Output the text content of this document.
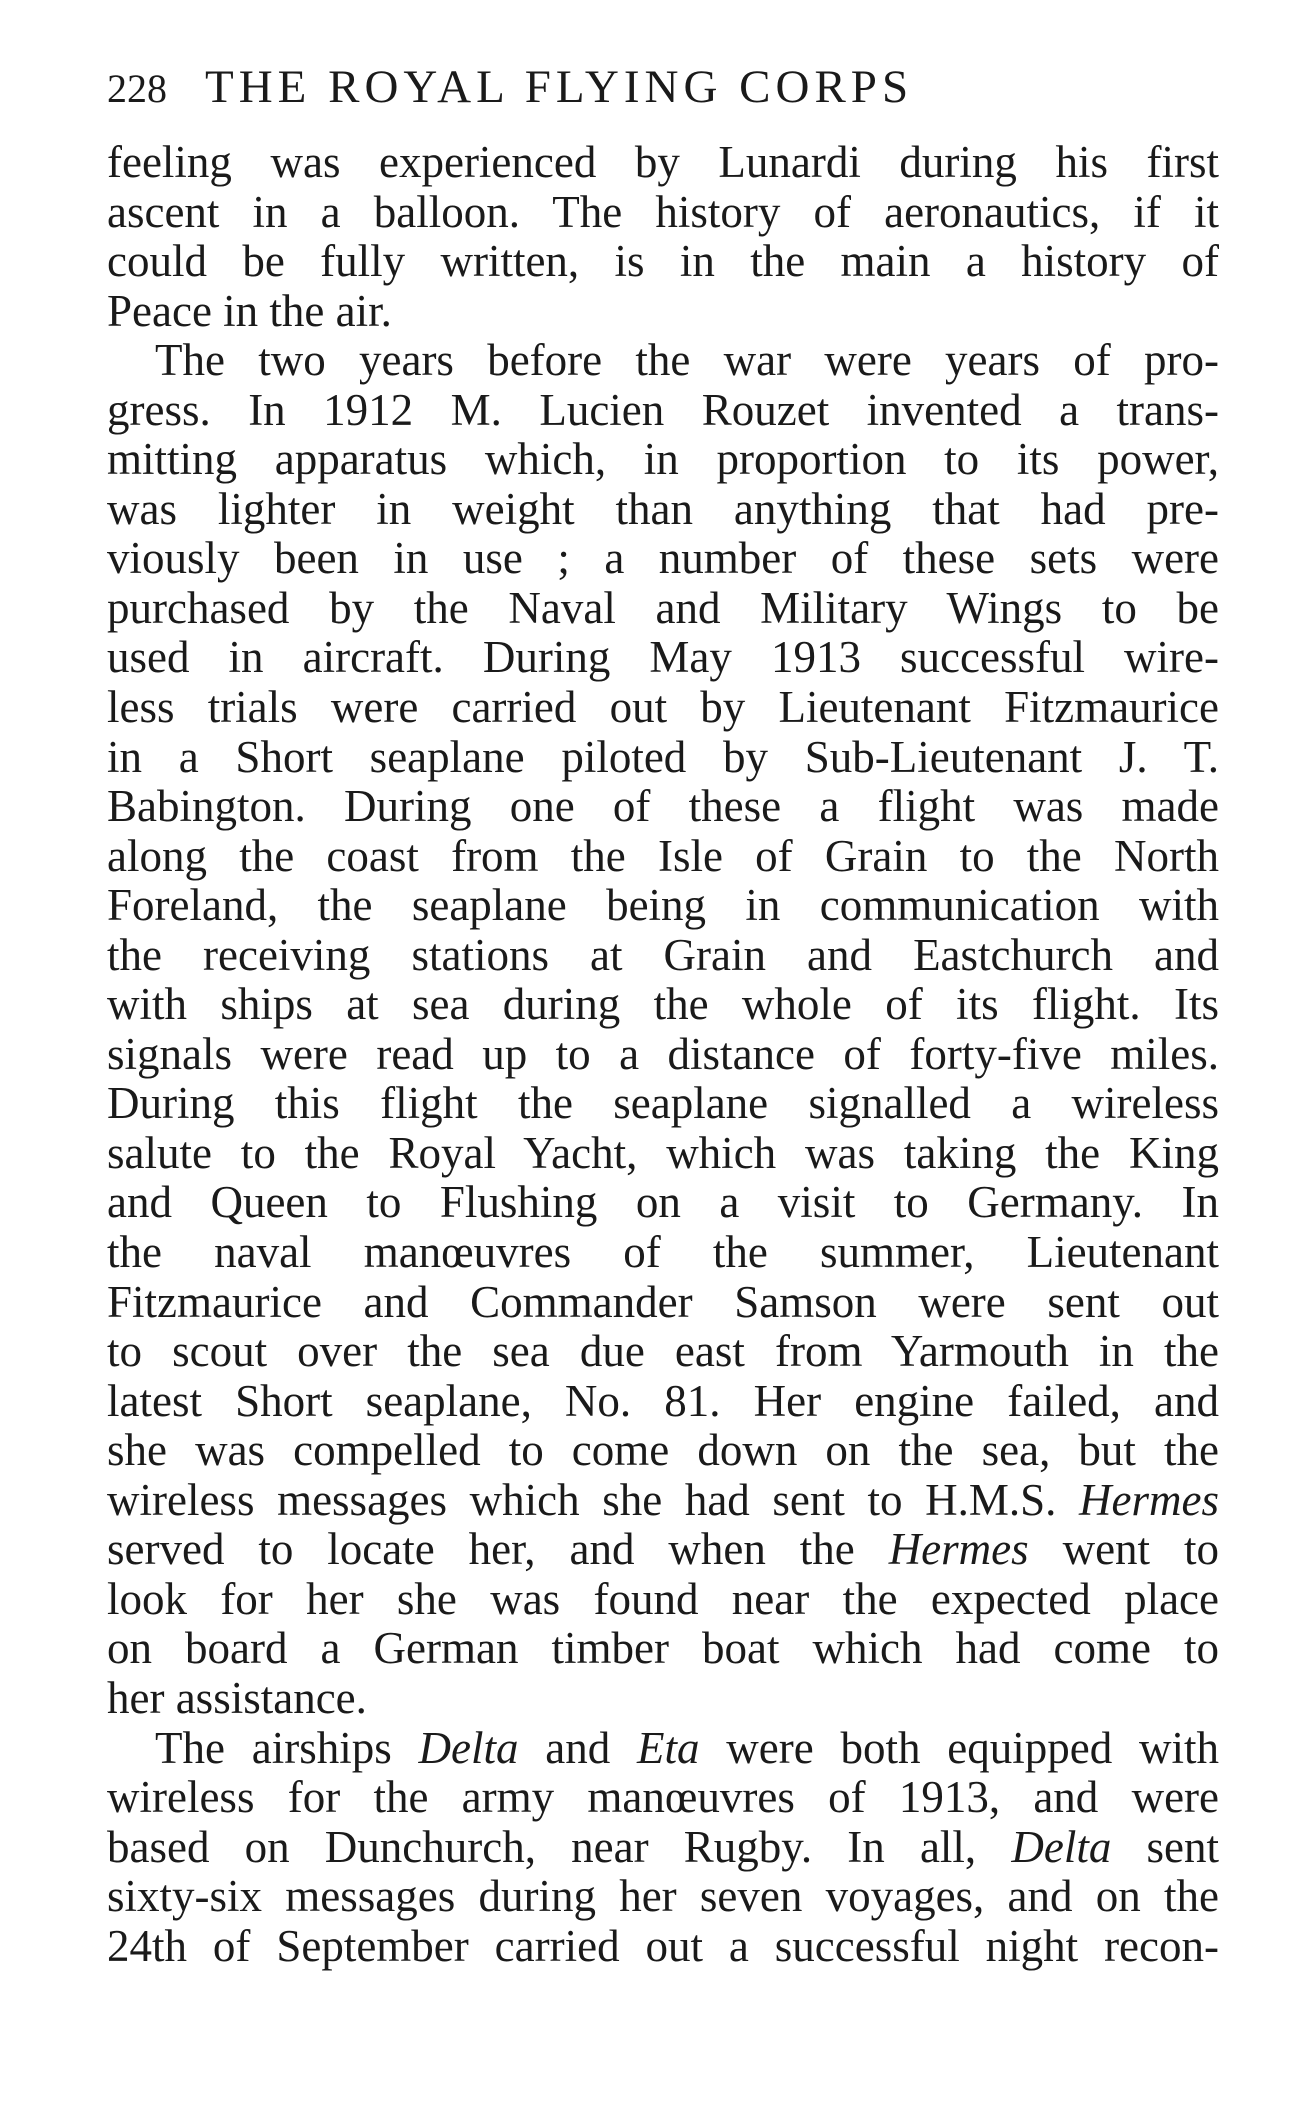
228 THE ROYAL FLYING CORPS

feeling was experienced by Lunardi during his first
ascent in a balloon. The history of aeronautics, if it
could be fully written, is in the main a history of
Peace in the air.

The two years before the war were years of pro-
gress. In 1912 M. Lucien Rouzet invented a trans-
mitting apparatus which, in proportion to its power,
was lighter in weight than anything that had pre-
viously been in use ; a number of these sets were
purchased by the Naval and Military Wings to be
used in aircraft. During May 1913 successful wire-
less trials were carried out by Lieutenant Fitzmaurice
in a Short seaplane piloted by Sub-Lieutenant J. T.
Babington. During one of these a flight was made
along the coast from the Isle of Grain to the North
Foreland, the seaplane being in communication with
the receiving stations at Grain and Eastchurch and
with ships at sea during the whole of its flight. Its
signals were read up to a distance of forty-five miles.
During this flight the seaplane signalled a wireless
salute to the Royal Yacht, which was taking the King
and Queen to Flushing on a visit to Germany. In
the naval manœuvres of the summer, Lieutenant
Fitzmaurice and Commander Samson were sent out
to scout over the sea due east from Yarmouth in the
latest Short seaplane, No. 81. Her engine failed, and
she was compelled to come down on the sea, but the
wireless messages which she had sent to H.M.S. Hermes
served to locate her, and when the Hermes went to
look for her she was found near the expected place
on board a German timber boat which had come to
her assistance.

The airships Delta and Eta were both equipped with
wireless for the army manœuvres of 1913, and were
based on Dunchurch, near Rugby. In all, Delta sent
sixty-six messages during her seven voyages, and on the
24th of September carried out a successful night recon-
